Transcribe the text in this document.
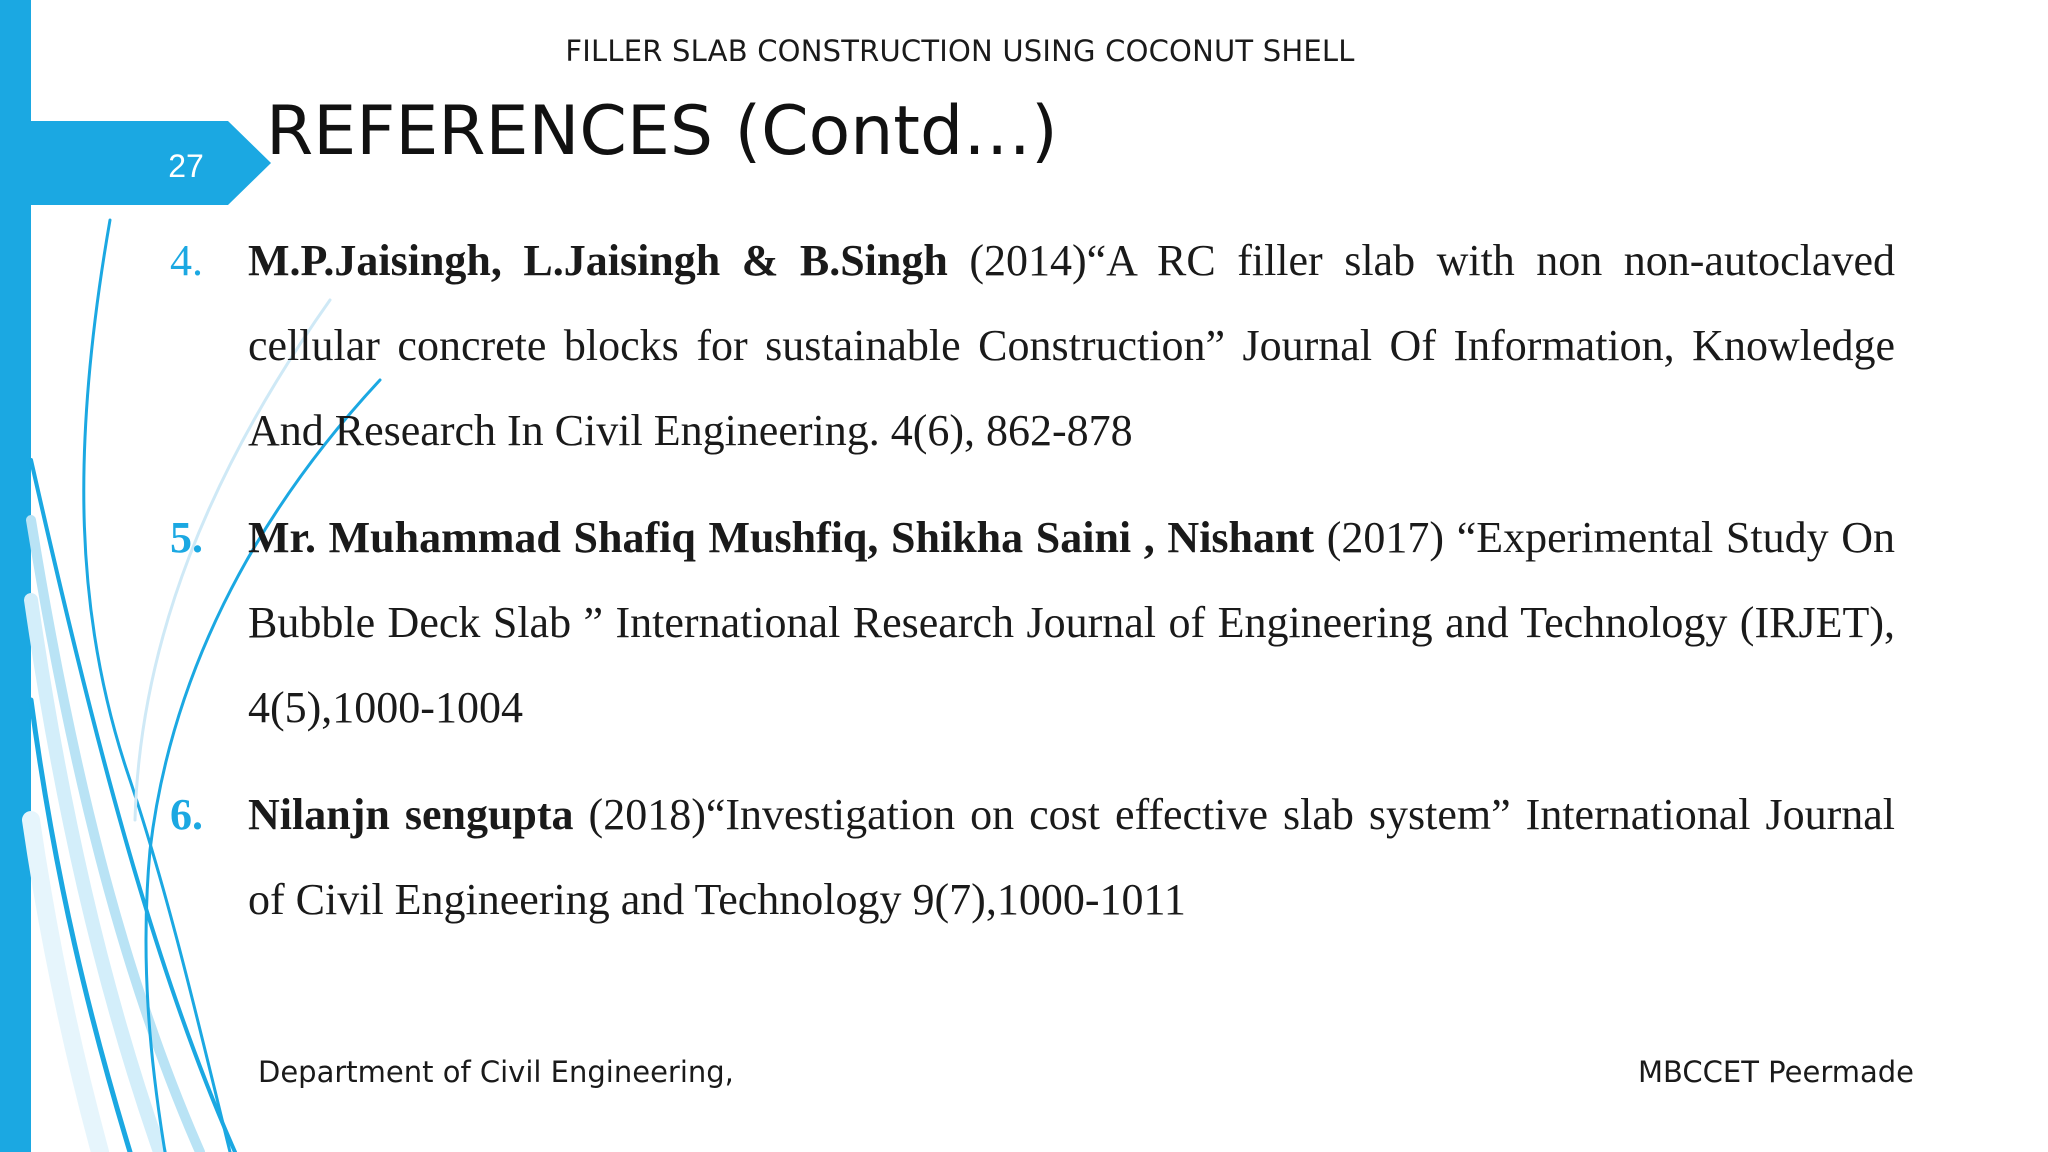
27
FILLER SLAB CONSTRUCTION USING COCONUT SHELL
REFERENCES (Contd…)
4. M.P.Jaisingh, L.Jaisingh & B.Singh (2014)“A RC filler slab with non non-autoclaved cellular concrete blocks for sustainable Construction” Journal Of Information, Knowledge And Research In Civil Engineering. 4(6), 862-878
5. Mr. Muhammad Shafiq Mushfiq, Shikha Saini , Nishant (2017) “Experimental Study On Bubble Deck Slab ” International Research Journal of Engineering and Technology (IRJET), 4(5),1000-1004
6. Nilanjn sengupta (2018)“Investigation on cost effective slab system” International Journal of Civil Engineering and Technology 9(7),1000-1011
Department of Civil Engineering,	MBCCET Peermade
